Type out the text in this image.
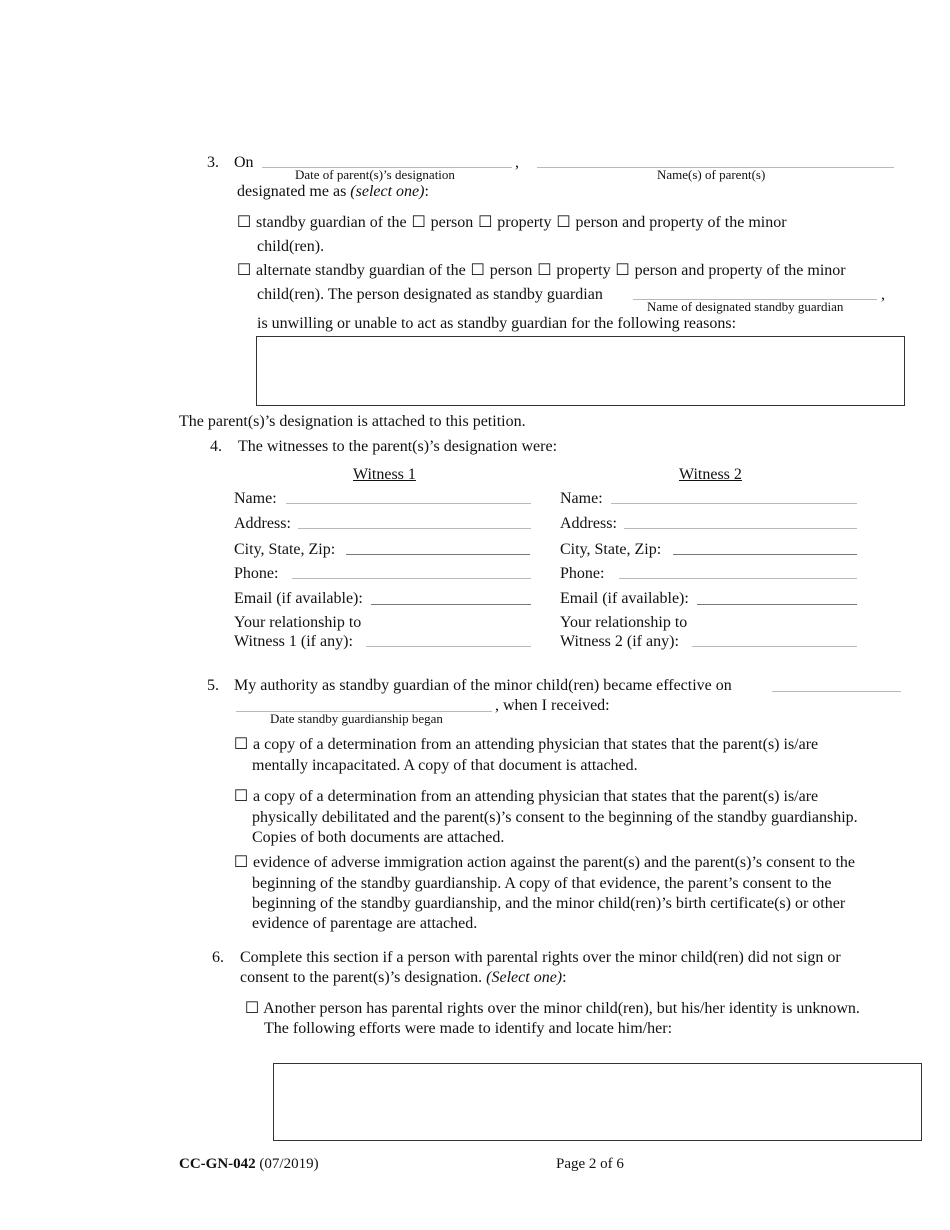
3. On
Date of parent(s)’s designation
,
Name(s) of parent(s)
designated me as (select one):
☐ standby guardian of the ☐ person ☐ property ☐ person and property of the minor
child(ren).
☐ alternate standby guardian of the ☐ person ☐ property ☐ person and property of the minor
child(ren). The person designated as standby guardian
Name of designated standby guardian
,
is unwilling or unable to act as standby guardian for the following reasons:
The parent(s)’s designation is attached to this petition.
4. The witnesses to the parent(s)’s designation were:
Witness 1
Name:
Address:
City, State, Zip:
Phone:
Email (if available):
Your relationship to
Witness 1 (if any):
Witness 2
Name:
Address:
City, State, Zip:
Phone:
Email (if available):
Your relationship to
Witness 2 (if any):
5. My authority as standby guardian of the minor child(ren) became effective on
, when I received:
Date standby guardianship began
☐ a copy of a determination from an attending physician that states that the parent(s) is/are
mentally incapacitated. A copy of that document is attached.
☐ a copy of a determination from an attending physician that states that the parent(s) is/are
physically debilitated and the parent(s)’s consent to the beginning of the standby guardianship.
Copies of both documents are attached.
☐ evidence of adverse immigration action against the parent(s) and the parent(s)’s consent to the
beginning of the standby guardianship. A copy of that evidence, the parent’s consent to the
beginning of the standby guardianship, and the minor child(ren)’s birth certificate(s) or other
evidence of parentage are attached.
6. Complete this section if a person with parental rights over the minor child(ren) did not sign or
consent to the parent(s)’s designation. (Select one):
☐ Another person has parental rights over the minor child(ren), but his/her identity is unknown.
The following efforts were made to identify and locate him/her:
CC-GN-042 (07/2019)	Page 2 of 6
